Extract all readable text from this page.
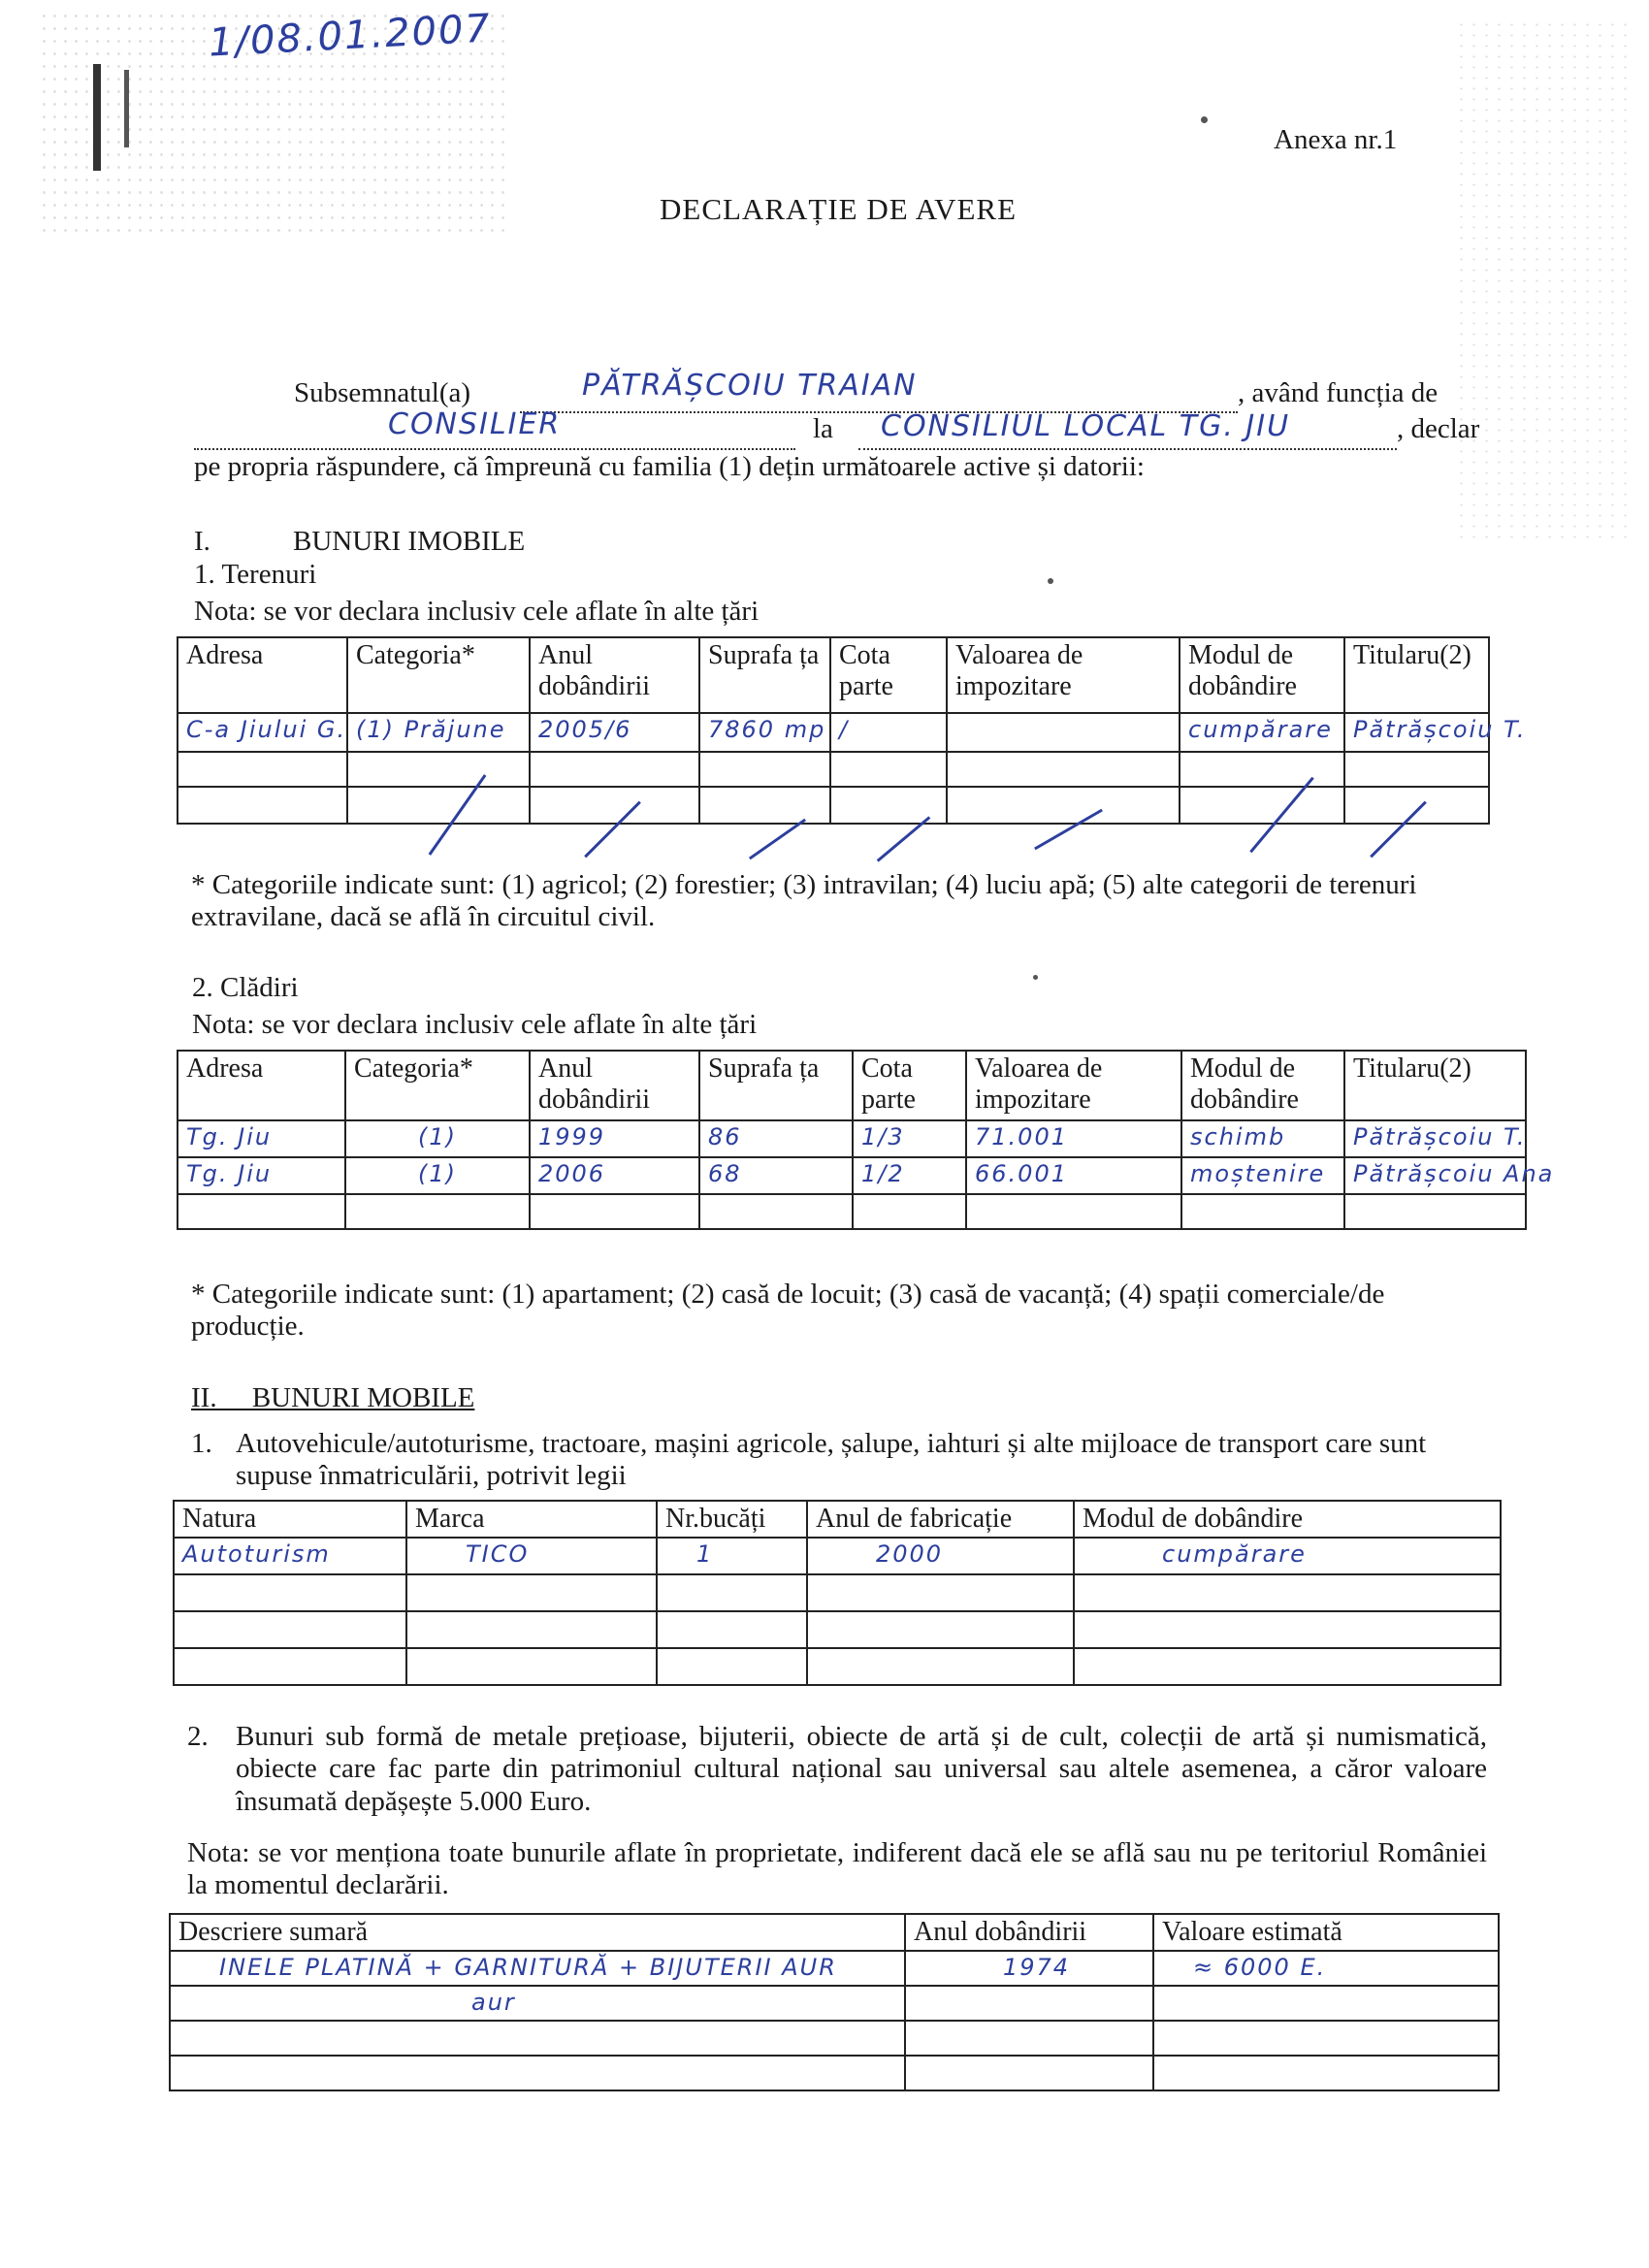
1/08.01.2007
Anexa nr.1
DECLARAȚIE DE AVERE
Subsemnatul(a)	PĂTRĂȘCOIU TRAIAN	, având funcția de
CONSILIER	la CONSILIUL LOCAL TG. JIU	, declar
pe propria răspundere, că împreună cu familia (1) dețin următoarele active și datorii:
I.	BUNURI IMOBILE
1. Terenuri
Nota: se vor declara inclusiv cele aflate în alte țări
Adresa	Categoria*	Anul dobândirii	Suprafa ța	Cota parte	Valoarea de impozitare	Modul de dobândire	Titularu(2)
C-a Jiului G.	(1) Prăjune	2005/6	7860 mp	/		cumpărare	Pătrășcoiu T.

* Categoriile indicate sunt: (1) agricol; (2) forestier; (3) intravilan; (4) luciu apă; (5) alte categorii de terenuri extravilane, dacă se află în circuitul civil.
2. Clădiri
Nota: se vor declara inclusiv cele aflate în alte țări
Adresa	Categoria*	Anul dobândirii	Suprafa ța	Cota parte	Valoarea de impozitare	Modul de dobândire	Titularu(2)
Tg. Jiu	(1)	1999	86	1/3	71.001	schimb	Pătrășcoiu T.
Tg. Jiu	(1)	2006	68	1/2	66.001	moștenire	Pătrășcoiu Ana

* Categoriile indicate sunt: (1) apartament; (2) casă de locuit; (3) casă de vacanță; (4) spații comerciale/de producție.
II.     BUNURI MOBILE
1. Autovehicule/autoturisme, tractoare, mașini agricole, șalupe, iahturi și alte mijloace de transport care sunt supuse înmatriculării, potrivit legii
Natura	Marca	Nr.bucăți	Anul de fabricație	Modul de dobândire
Autoturism	TICO	1	2000	cumpărare

2. Bunuri sub formă de metale prețioase, bijuterii, obiecte de artă și de cult, colecții de artă și numismatică, obiecte care fac parte din patrimoniul cultural național sau universal sau altele asemenea, a căror valoare însumată depășește 5.000 Euro.
Nota: se vor menționa toate bunurile aflate în proprietate, indiferent dacă ele se află sau nu pe teritoriul României la momentul declarării.
Descriere sumară	Anul dobândirii	Valoare estimată
INELE PLATINĂ + GARNITURĂ + BIJUTERII AUR	1974	≈ 6000 E.
aur		
